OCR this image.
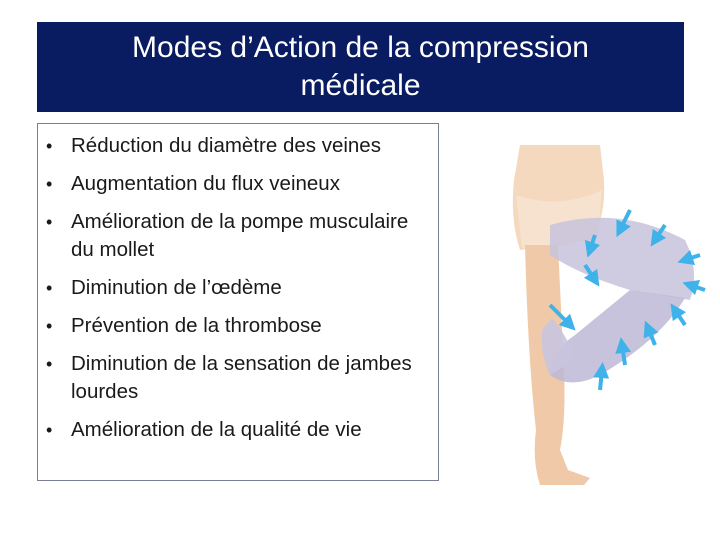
Modes d’Action de la compression médicale
• Réduction du diamètre des veines
• Augmentation du flux veineux
• Amélioration de la pompe musculaire du mollet
• Diminution de l’œdème
• Prévention de la thrombose
• Diminution de la sensation de jambes lourdes
• Amélioration de la qualité de vie
